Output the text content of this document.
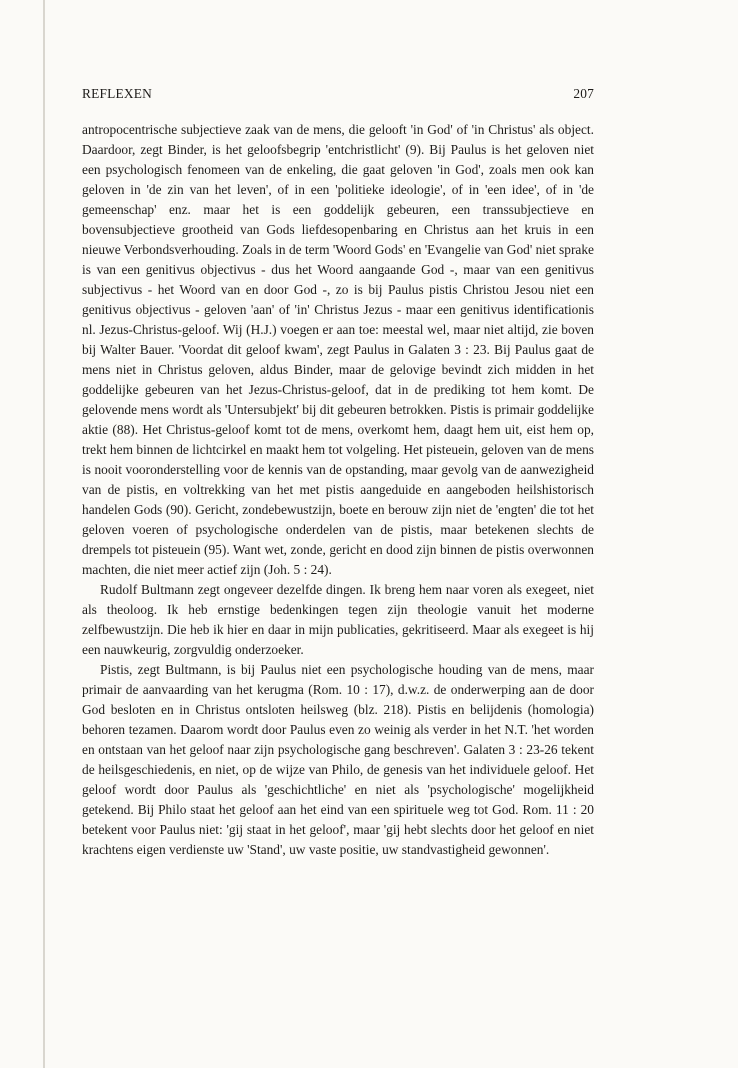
REFLEXEN	207

antropocentrische subjectieve zaak van de mens, die gelooft 'in God' of 'in Christus' als object. Daardoor, zegt Binder, is het geloofsbegrip 'entchristlicht' (9). Bij Paulus is het geloven niet een psychologisch fenomeen van de enkeling, die gaat geloven 'in God', zoals men ook kan geloven in 'de zin van het leven', of in een 'politieke ideologie', of in 'een idee', of in 'de gemeenschap' enz. maar het is een goddelijk gebeuren, een transsubjectieve en bovensubjectieve grootheid van Gods liefdesopenbaring en Christus aan het kruis in een nieuwe Verbondsverhouding. Zoals in de term 'Woord Gods' en 'Evangelie van God' niet sprake is van een genitivus objectivus - dus het Woord aangaande God -, maar van een genitivus subjectivus - het Woord van en door God -, zo is bij Paulus pistis Christou Jesou niet een genitivus objectivus - geloven 'aan' of 'in' Christus Jezus - maar een genitivus identificationis nl. Jezus-Christus-geloof. Wij (H.J.) voegen er aan toe: meestal wel, maar niet altijd, zie boven bij Walter Bauer. 'Voordat dit geloof kwam', zegt Paulus in Galaten 3 : 23. Bij Paulus gaat de mens niet in Christus geloven, aldus Binder, maar de gelovige bevindt zich midden in het goddelijke gebeuren van het Jezus-Christus-geloof, dat in de prediking tot hem komt. De gelovende mens wordt als 'Untersubjekt' bij dit gebeuren betrokken. Pistis is primair goddelijke aktie (88). Het Christus-geloof komt tot de mens, overkomt hem, daagt hem uit, eist hem op, trekt hem binnen de lichtcirkel en maakt hem tot volgeling. Het pisteuein, geloven van de mens is nooit vooronderstelling voor de kennis van de opstanding, maar gevolg van de aanwezigheid van de pistis, en voltrekking van het met pistis aangeduide en aangeboden heilshistorisch handelen Gods (90). Gericht, zondebewustzijn, boete en berouw zijn niet de 'engten' die tot het geloven voeren of psychologische onderdelen van de pistis, maar betekenen slechts de drempels tot pisteuein (95). Want wet, zonde, gericht en dood zijn binnen de pistis overwonnen machten, die niet meer actief zijn (Joh. 5 : 24).

Rudolf Bultmann zegt ongeveer dezelfde dingen. Ik breng hem naar voren als exegeet, niet als theoloog. Ik heb ernstige bedenkingen tegen zijn theologie vanuit het moderne zelfbewustzijn. Die heb ik hier en daar in mijn publicaties, gekritiseerd. Maar als exegeet is hij een nauwkeurig, zorgvuldig onderzoeker.

Pistis, zegt Bultmann, is bij Paulus niet een psychologische houding van de mens, maar primair de aanvaarding van het kerugma (Rom. 10 : 17), d.w.z. de onderwerping aan de door God besloten en in Christus ontsloten heilsweg (blz. 218). Pistis en belijdenis (homologia) behoren tezamen. Daarom wordt door Paulus even zo weinig als verder in het N.T. 'het worden en ontstaan van het geloof naar zijn psychologische gang beschreven'. Galaten 3 : 23-26 tekent de heilsgeschiedenis, en niet, op de wijze van Philo, de genesis van het individuele geloof. Het geloof wordt door Paulus als 'geschichtliche' en niet als 'psychologische' mogelijkheid getekend. Bij Philo staat het geloof aan het eind van een spirituele weg tot God. Rom. 11 : 20 betekent voor Paulus niet: 'gij staat in het geloof', maar 'gij hebt slechts door het geloof en niet krachtens eigen verdienste uw 'Stand', uw vaste positie, uw standvastigheid gewonnen'.
